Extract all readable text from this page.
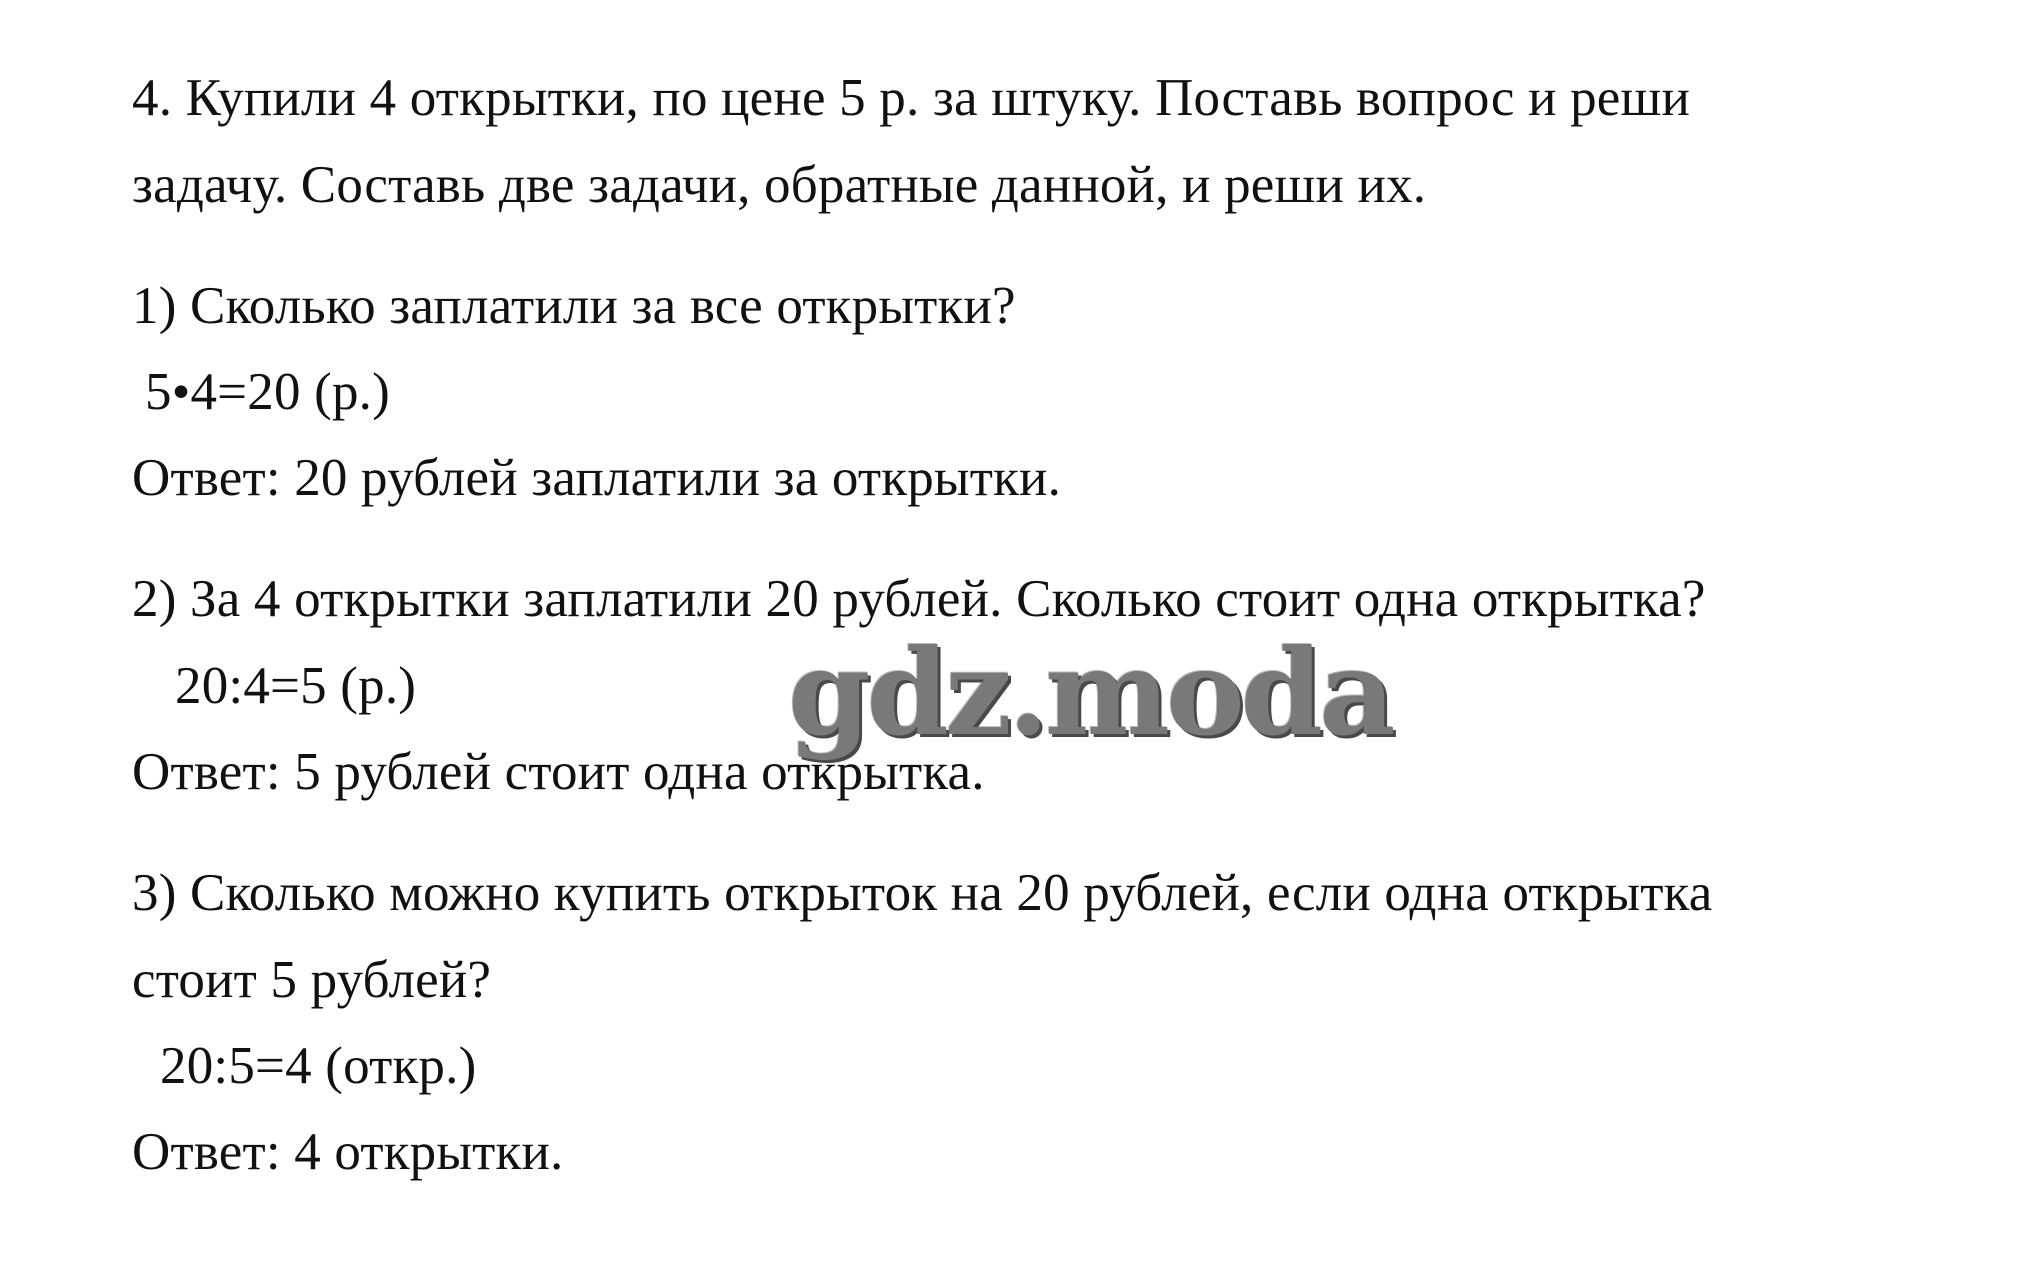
4. Купили 4 открытки, по цене 5 р. за штуку. Поставь вопрос и реши
задачу. Составь две задачи, обратные данной, и реши их.
1) Сколько заплатили за все открытки?
5•4=20 (р.)
Ответ: 20 рублей заплатили за открытки.
2) За 4 открытки заплатили 20 рублей. Сколько стоит одна открытка?
20:4=5 (р.)
Ответ: 5 рублей стоит одна открытка.
3) Сколько можно купить открыток на 20 рублей, если одна открытка
стоит 5 рублей?
20:5=4 (откр.)
Ответ: 4 открытки.
gdz.moda
